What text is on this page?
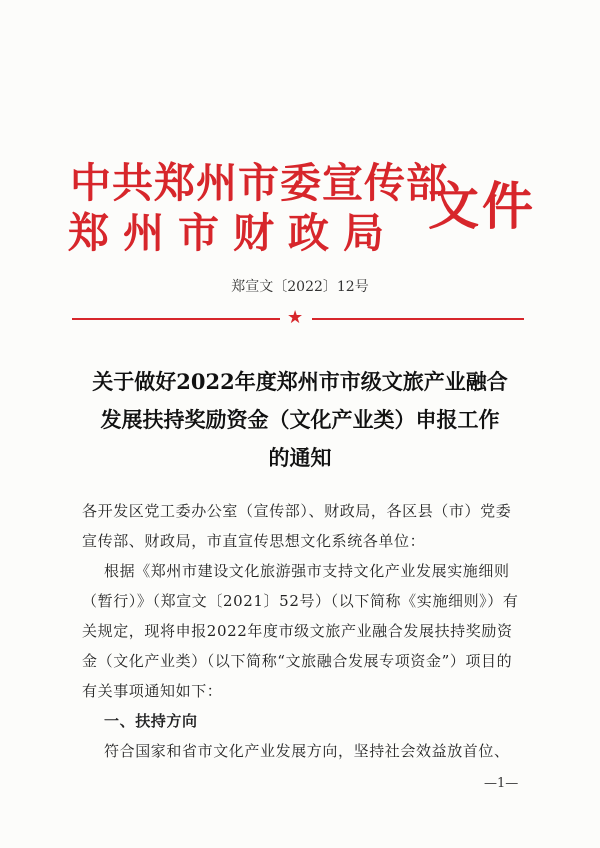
中共郑州市委宣传部
郑州市财政局 文件
郑宣文〔2022〕12号
★
关于做好2022年度郑州市市级文旅产业融合
发展扶持奖励资金（文化产业类）申报工作
的通知
各开发区党工委办公室（宣传部）、财政局，各区县（市）党委
宣传部、财政局，市直宣传思想文化系统各单位：
根据《郑州市建设文化旅游强市支持文化产业发展实施细则
（暂行）》（郑宣文〔2021〕52号）（以下简称《实施细则》）有
关规定，现将申报2022年度市级文旅产业融合发展扶持奖励资
金（文化产业类）（以下简称“文旅融合发展专项资金”）项目的
有关事项通知如下：
一、扶持方向
符合国家和省市文化产业发展方向，坚持社会效益放首位、
—1—
